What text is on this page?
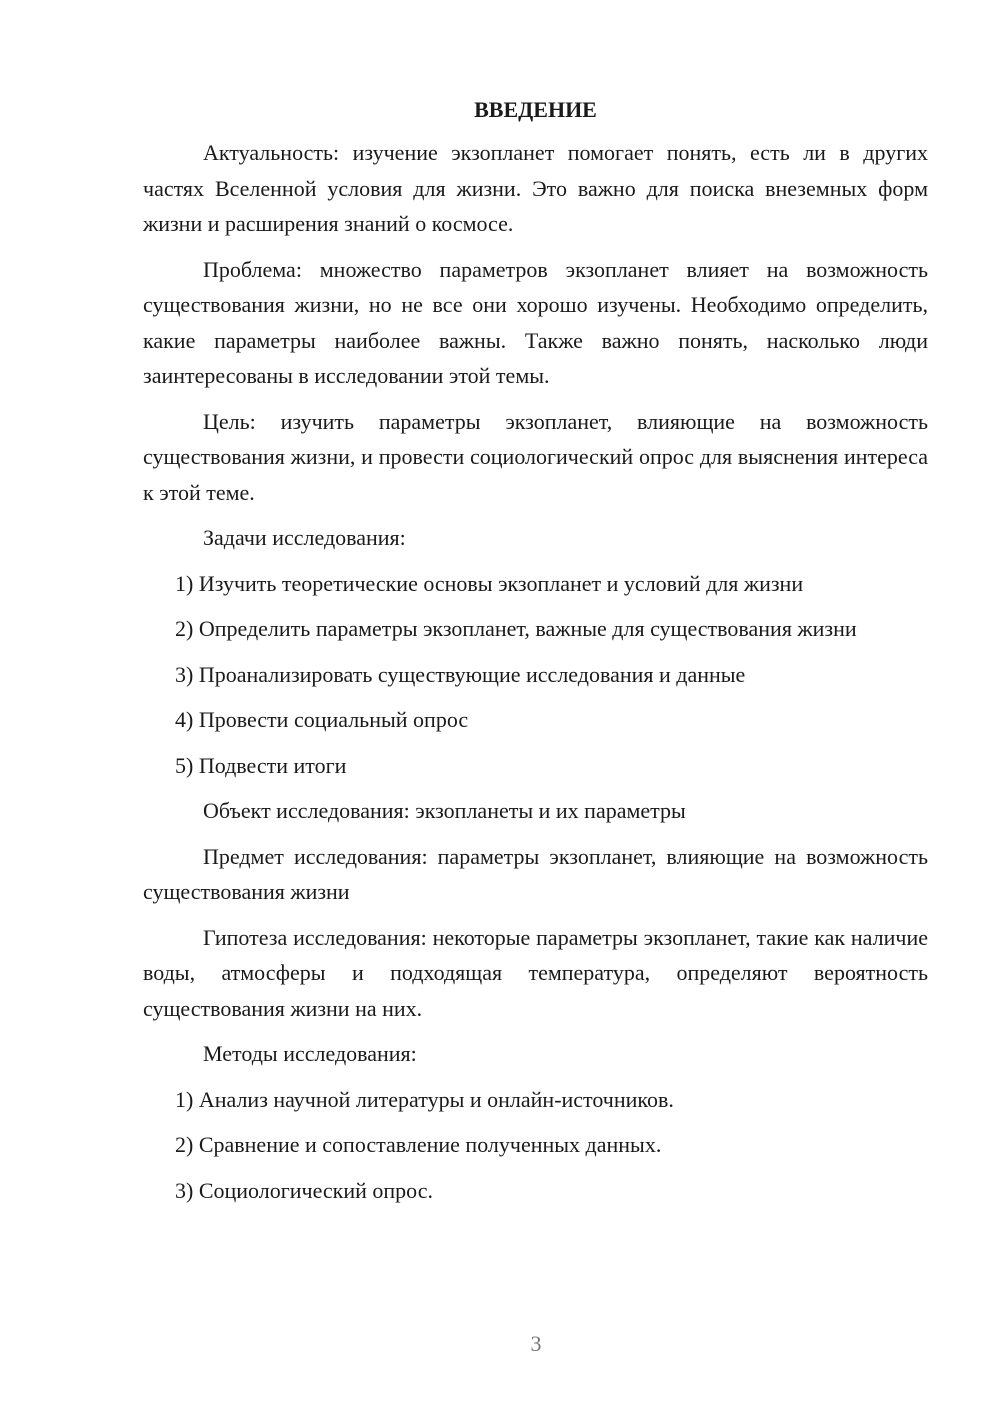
ВВЕДЕНИЕ

Актуальность: изучение экзопланет помогает понять, есть ли в других частях Вселенной условия для жизни. Это важно для поиска внеземных форм жизни и расширения знаний о космосе.

Проблема: множество параметров экзопланет влияет на возможность существования жизни, но не все они хорошо изучены. Необходимо определить, какие параметры наиболее важны. Также важно понять, насколько люди заинтересованы в исследовании этой темы.

Цель: изучить параметры экзопланет, влияющие на возможность существования жизни, и провести социологический опрос для выяснения интереса к этой теме.

Задачи исследования:

1) Изучить теоретические основы экзопланет и условий для жизни

2) Определить параметры экзопланет, важные для существования жизни

3) Проанализировать существующие исследования и данные

4) Провести социальный опрос

5) Подвести итоги

Объект исследования: экзопланеты и их параметры

Предмет исследования: параметры экзопланет, влияющие на возможность существования жизни

Гипотеза исследования: некоторые параметры экзопланет, такие как наличие воды, атмосферы и подходящая температура, определяют вероятность существования жизни на них.

Методы исследования:

1) Анализ научной литературы и онлайн-источников.

2) Сравнение и сопоставление полученных данных.

3) Социологический опрос.

3
